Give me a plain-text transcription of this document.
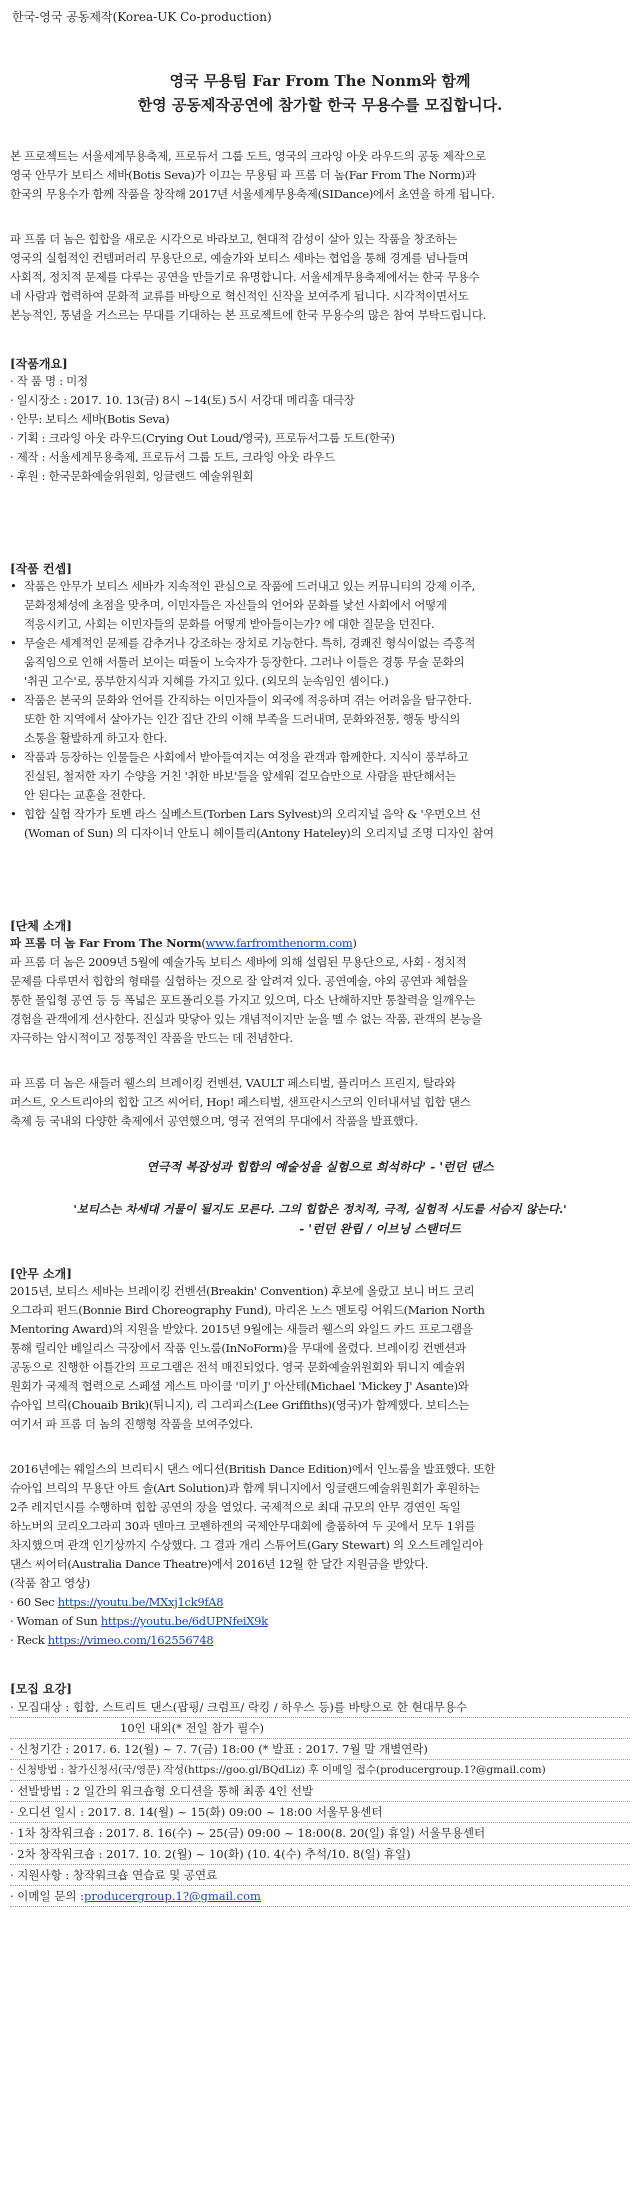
한국-영국 공동제작(Korea-UK Co-production)
영국 무용팀 Far From The Nonm와 함께
한영 공동제작공연에 참가할 한국 무용수를 모집합니다.

본 프로젝트는 서울세계무용축제, 프로듀서 그룹 도트, 영국의 크라잉 아웃 라우드의 공동 제작으로

영국 안무가 보티스 세바(Botis Seva)가 이끄는 무용팀 파 프롬 더 놈(Far From The Norm)과

한국의 무용수가 함께 작품을 창작해 2017년 서울세계무용축제(SIDance)에서 초연을 하게 됩니다.

파 프롬 더 놈은 힙합을 새로운 시각으로 바라보고, 현대적 감성이 살아 있는 작품을 창조하는

영국의 실험적인 컨템퍼러리 무용단으로, 예술가와 보티스 세바는 협업을 통해 경계를 넘나들며

사회적, 정치적 문제를 다루는 공연을 만들기로 유명합니다. 서울세계무용축제에서는 한국 무용수

네 사람과 협력하여 문화적 교류를 바탕으로 혁신적인 신작을 보여주게 됩니다. 시각적이면서도

본능적인, 통념을 거스르는 무대를 기대하는 본 프로젝트에 한국 무용수의 많은 참여 부탁드립니다.

[작품개요]

· 작 품 명 : 미정

· 일시장소 : 2017. 10. 13(금) 8시 ~14(토) 5시 서강대 메리홀 대극장

· 안무: 보티스 세바(Botis Seva)

· 기획 : 크라잉 아웃 라우드(Crying Out Loud/영국), 프로듀서그룹 도트(한국)

· 제작 : 서울세계무용축제, 프로듀서 그룹 도트, 크라잉 아웃 라우드

· 후원 : 한국문화예술위원회, 잉글랜드 예술위원회

[작품 컨셉]
• 작품은 안무가 보티스 세바가 지속적인 관심으로 작품에 드러내고 있는 커뮤니티의 강제 이주,

문화정체성에 초점을 맞추며, 이민자들은 자신들의 언어와 문화를 낯선 사회에서 어떻게

적응시키고, 사회는 이민자들의 문화를 어떻게 받아들이는가? 에 대한 질문을 던진다.

• 무술은 세계적인 문제를 감추거나 강조하는 장치로 기능한다. 특히, 경쾌진 형식이없는 즉흥적

움직임으로 인해 서툴러 보이는 떠돌이 노숙자가 등장한다. 그러나 이들은 경통 무술 문화의

'취권 고수'로, 풍부한지식과 지혜를 가지고 있다. (외모의 눈속임인 셈이다.)

• 작품은 본국의 문화와 언어를 간직하는 이민자들이 외국에 적응하며 겪는 어려움을 탐구한다.

또한 한 지역에서 살아가는 인간 집단 간의 이해 부족을 드러내며, 문화와전통, 행동 방식의

소통을 활발하게 하고자 한다.

• 작품과 등장하는 인물들은 사회에서 받아들여지는 여정을 관객과 함께한다. 지식이 풍부하고

진실된, 철저한 자기 수양을 거친 '취한 바보'들을 앞세워 겉모습만으로 사람을 판단해서는

안 된다는 교훈을 전한다.

• 힙합 실험 작가가 토벤 라스 실베스트(Torben Lars Sylvest)의 오리지널 음악 & '우먼오브 선

(Woman of Sun) 의 디자이너 안토니 헤이틀리(Antony Hateley)의 오리지널 조명 디자인 참여

[단체 소개]

파 프롬 더 놈 Far From The Norm(www.farfromthenorm.com)

파 프롬 더 놈은 2009년 5월에 예술가독 보티스 세바에 의해 설립된 무용단으로, 사회 · 정치적

문제를 다루면서 힙합의 형태를 실험하는 것으로 잘 알려져 있다. 공연예술, 야외 공연과 체험을

통한 몰입형 공연 등 등 폭넓은 포트폴리오를 가지고 있으며, 다소 난해하지만 통찰력을 일깨우는

경험을 관객에게 선사한다. 진실과 맞닿아 있는 개념적이지만 눈을 뗄 수 없는 작품, 관객의 본능을

자극하는 암시적이고 정통적인 작품을 만드는 데 전념한다.

파 프롬 더 놈은 새들러 웰스의 브레이킹 컨벤션, VAULT 페스티벌, 플리머스 프린지, 탈라와

퍼스트, 오스트리아의 힙합 고즈 씨어터, Hop! 페스티벌, 샌프란시스코의 인터내셔널 힙합 댄스

축제 등 국내외 다양한 축제에서 공연했으며, 영국 전역의 무대에서 작품을 발표했다.

연극적 복잡성과 힙합의 예술성을 실험으로 희석하다' - '런던 댄스
'보티스는 차세대 거물이 될지도 모른다. 그의 힙합은 정치적, 극적, 실험적 시도를 서슴지 않는다.'
- '런던 완립 / 이브닝 스탠더드
[안무 소개]

2015년, 보티스 세바는 브레이킹 컨벤션(Breakin' Convention) 후보에 올랐고 보니 버드 코리

오그라피 펀드(Bonnie Bird Choreography Fund), 마리온 노스 멘토링 어워드(Marion North

Mentoring Award)의 지원을 받았다. 2015년 9월에는 새들러 웰스의 와일드 카드 프로그램을

통해 릴리안 베일리스 극장에서 작품 인노룸(InNoForm)을 무대에 올렸다. 브레이킹 컨벤션과

공동으로 진행한 이틀간의 프로그램은 전석 매진되었다. 영국 문화예술위원회와 튀니지 예술위

원회가 국제적 협력으로 스페셜 게스트 마이클 '미키 J' 아산테(Michael 'Mickey J' Asante)와

슈아입 브릭(Chouaib Brik)(튀니지), 리 그리피스(Lee Griffiths)(영국)가 함께했다. 보티스는

여기서 파 프롬 더 놈의 진행형 작품을 보여주었다.

2016년에는 웨일스의 브리티시 댄스 에디션(British Dance Edition)에서 인노룸을 발표했다. 또한

슈아입 브릭의 무용단 아트 솔(Art Solution)과 함께 튀니지에서 잉글랜드예술위원회가 후원하는

2주 레지던시를 수행하며 힙합 공연의 장을 열었다. 국제적으로 최대 규모의 안무 경연인 독일

하노버의 코리오그라피 30과 덴마크 코펜하겐의 국제안무대회에 출품하여 두 곳에서 모두 1위를

차지했으며 관객 인기상까지 수상했다. 그 결과 개리 스튜어트(Gary Stewart) 의 오스트레일리아

댄스 씨어터(Australia Dance Theatre)에서 2016년 12월 한 달간 지원금을 받았다.

(작품 참고 영상)

· 60 Sec https://youtu.be/MXxj1ck9fA8

· Woman of Sun https://youtu.be/6dUPNfeiX9k

· Reck https://vimeo.com/162556748

[모집 요강]
· 모집대상 : 힙합, 스트리트 댄스(팝핑/ 크럼프/ 락킹 / 하우스 등)를 바탕으로 한 현대무용수
10인 내외(* 전일 참가 필수)
· 신청기간 : 2017. 6. 12(월) ~ 7. 7(금) 18:00 (* 발표 : 2017. 7월 말 개별연락)
· 신청방법 : 참가신청서(국/영문) 작성(https://goo.gl/BQdLiz) 후 이메일 접수(producergroup.1?@gmail.com)
· 선발방법 : 2 일간의 워크숍형 오디션을 통해 최종 4인 선발
· 오디션 일시 : 2017. 8. 14(월) ~ 15(화) 09:00 ~ 18:00 서울무용센터
· 1차 창작워크숍 : 2017. 8. 16(수) ~ 25(금) 09:00 ~ 18:00(8. 20(일) 휴일) 서울무용센터
· 2차 창작워크숍 : 2017. 10. 2(월) ~ 10(화) (10. 4(수) 추석/10. 8(일) 휴일)
· 지원사항 : 창작워크숍 연습료 및 공연료
· 이메일 문의 : producergroup.1?@gmail.com
